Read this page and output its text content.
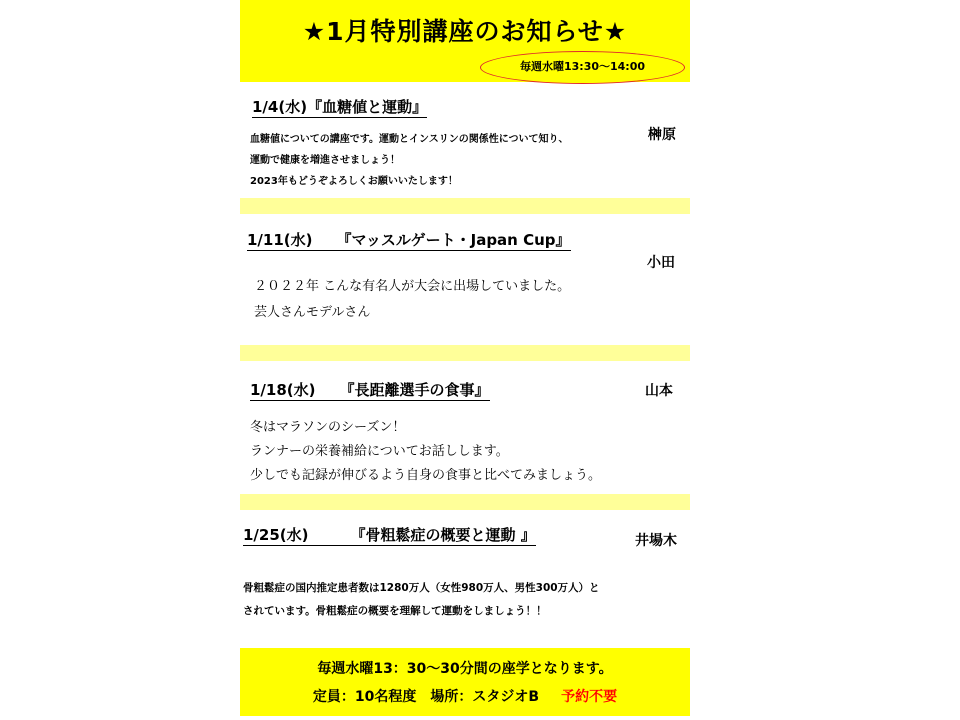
★1月特別講座のお知らせ★
毎週水曜13:30～14:00
1/4(水)『血糖値と運動』
榊原
血糖値についての講座です。運動とインスリンの関係性について知り、
運動で健康を増進させましょう！
2023年もどうぞよろしくお願いいたします！
1/11(水) 『マッスルゲート・Japan Cup』
小田
２０２２年 こんな有名人が大会に出場していました。
芸人さんモデルさん
1/18(水) 『長距離選手の食事』	山本
冬はマラソンのシーズン！
ランナーの栄養補給についてお話しします。
少しでも記録が伸びるよう自身の食事と比べてみましょう。
1/25(水)	『骨粗鬆症の概要と運動 』	井場木
骨粗鬆症の国内推定患者数は1280万人（女性980万人、男性300万人）と
されています。骨粗鬆症の概要を理解して運動をしましょう！！
毎週水曜13：30～30分間の座学となります。
定員：10名程度　場所：スタジオB 予約不要
